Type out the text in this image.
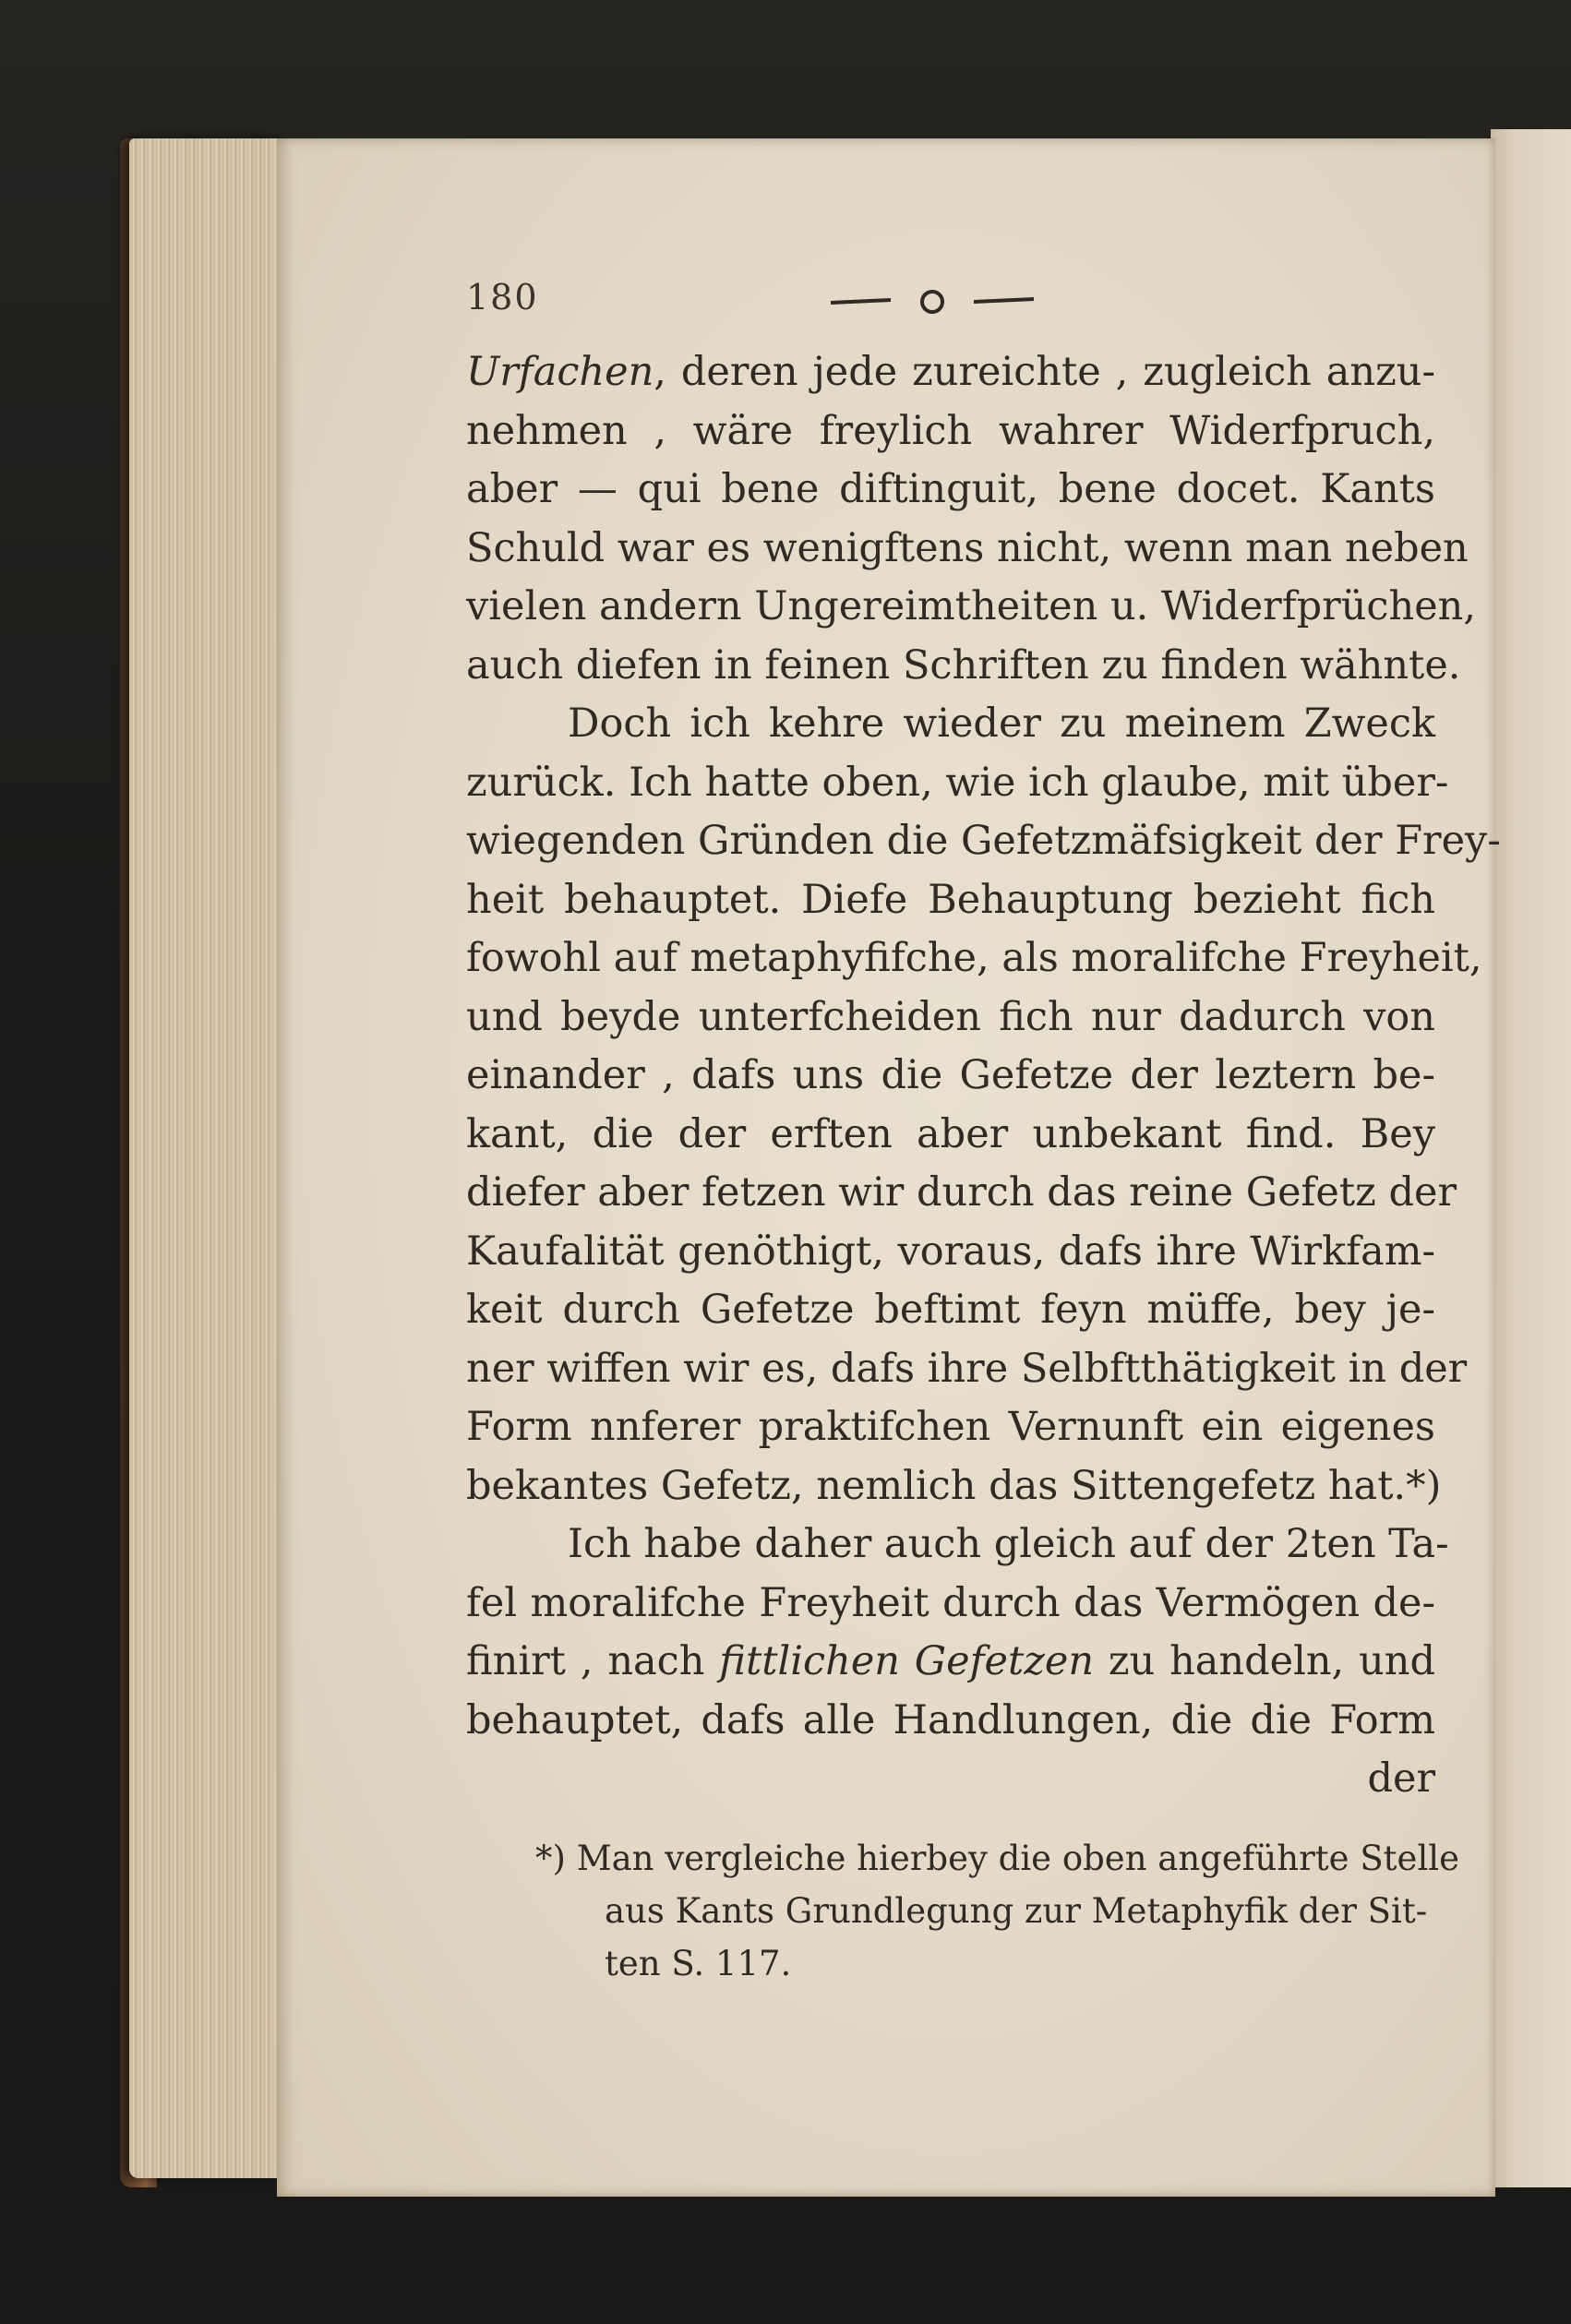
180
Urfachen, deren jede zureichte , zugleich anzu-
nehmen , wäre freylich wahrer Widerfpruch,
aber — qui bene diftinguit, bene docet. Kants
Schuld war es wenigftens nicht, wenn man neben
vielen andern Ungereimtheiten u. Widerfprüchen,
auch diefen in feinen Schriften zu finden wähnte.
Doch ich kehre wieder zu meinem Zweck
zurück. Ich hatte oben, wie ich glaube, mit über-
wiegenden Gründen die Gefetzmäfsigkeit der Frey-
heit behauptet. Diefe Behauptung bezieht fich
fowohl auf metaphyfifche, als moralifche Freyheit,
und beyde unterfcheiden fich nur dadurch von
einander , dafs uns die Gefetze der leztern be-
kant, die der erften aber unbekant find. Bey
diefer aber fetzen wir durch das reine Gefetz der
Kaufalität genöthigt, voraus, dafs ihre Wirkfam-
keit durch Gefetze beftimt feyn müffe, bey je-
ner wiffen wir es, dafs ihre Selbftthätigkeit in der
Form nnferer praktifchen Vernunft ein eigenes
bekantes Gefetz, nemlich das Sittengefetz hat.*)
Ich habe daher auch gleich auf der 2ten Ta-
fel moralifche Freyheit durch das Vermögen de-
finirt , nach fittlichen Gefetzen zu handeln, und
behauptet, dafs alle Handlungen, die die Form
der
*) Man vergleiche hierbey die oben angeführte Stelle
aus Kants Grundlegung zur Metaphyfik der Sit-
ten S. 117.
